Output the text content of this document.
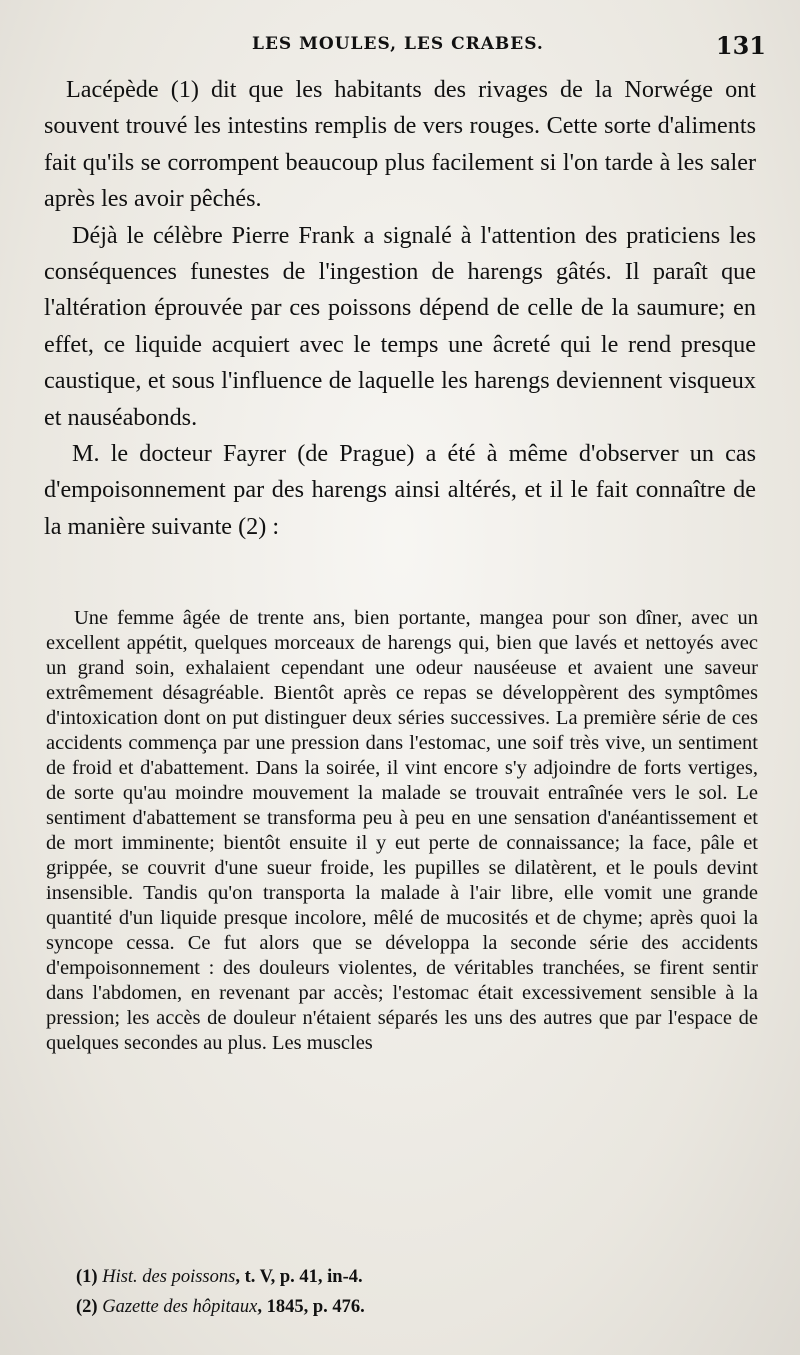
LES MOULES, LES CRABES.	131

Lacépède (1) dit que les habitants des rivages de la Norwége ont souvent trouvé les intestins remplis de vers rouges. Cette sorte d'aliments fait qu'ils se corrompent beaucoup plus facilement si l'on tarde à les saler après les avoir pêchés.

Déjà le célèbre Pierre Frank a signalé à l'attention des praticiens les conséquences funestes de l'ingestion de harengs gâtés. Il paraît que l'altération éprouvée par ces poissons dépend de celle de la saumure; en effet, ce liquide acquiert avec le temps une âcreté qui le rend presque caustique, et sous l'influence de laquelle les harengs deviennent visqueux et nauséabonds.

M. le docteur Fayrer (de Prague) a été à même d'observer un cas d'empoisonnement par des harengs ainsi altérés, et il le fait connaître de la manière suivante (2) :

Une femme âgée de trente ans, bien portante, mangea pour son dîner, avec un excellent appétit, quelques morceaux de harengs qui, bien que lavés et nettoyés avec un grand soin, exhalaient cependant une odeur nauséeuse et avaient une saveur extrêmement désagréable. Bientôt après ce repas se développèrent des symptômes d'intoxication dont on put distinguer deux séries successives. La première série de ces accidents commença par une pression dans l'estomac, une soif très vive, un sentiment de froid et d'abattement. Dans la soirée, il vint encore s'y adjoindre de forts vertiges, de sorte qu'au moindre mouvement la malade se trouvait entraînée vers le sol. Le sentiment d'abattement se transforma peu à peu en une sensation d'anéantissement et de mort imminente; bientôt ensuite il y eut perte de connaissance; la face, pâle et grippée, se couvrit d'une sueur froide, les pupilles se dilatèrent, et le pouls devint insensible. Tandis qu'on transporta la malade à l'air libre, elle vomit une grande quantité d'un liquide presque incolore, mêlé de mucosités et de chyme; après quoi la syncope cessa. Ce fut alors que se développa la seconde série des accidents d'empoisonnement : des douleurs violentes, de véritables tranchées, se firent sentir dans l'abdomen, en revenant par accès; l'estomac était excessivement sensible à la pression; les accès de douleur n'étaient séparés les uns des autres que par l'espace de quelques secondes au plus. Les muscles

(1) Hist. des poissons, t. V, p. 41, in-4.

(2) Gazette des hôpitaux, 1845, p. 476.
